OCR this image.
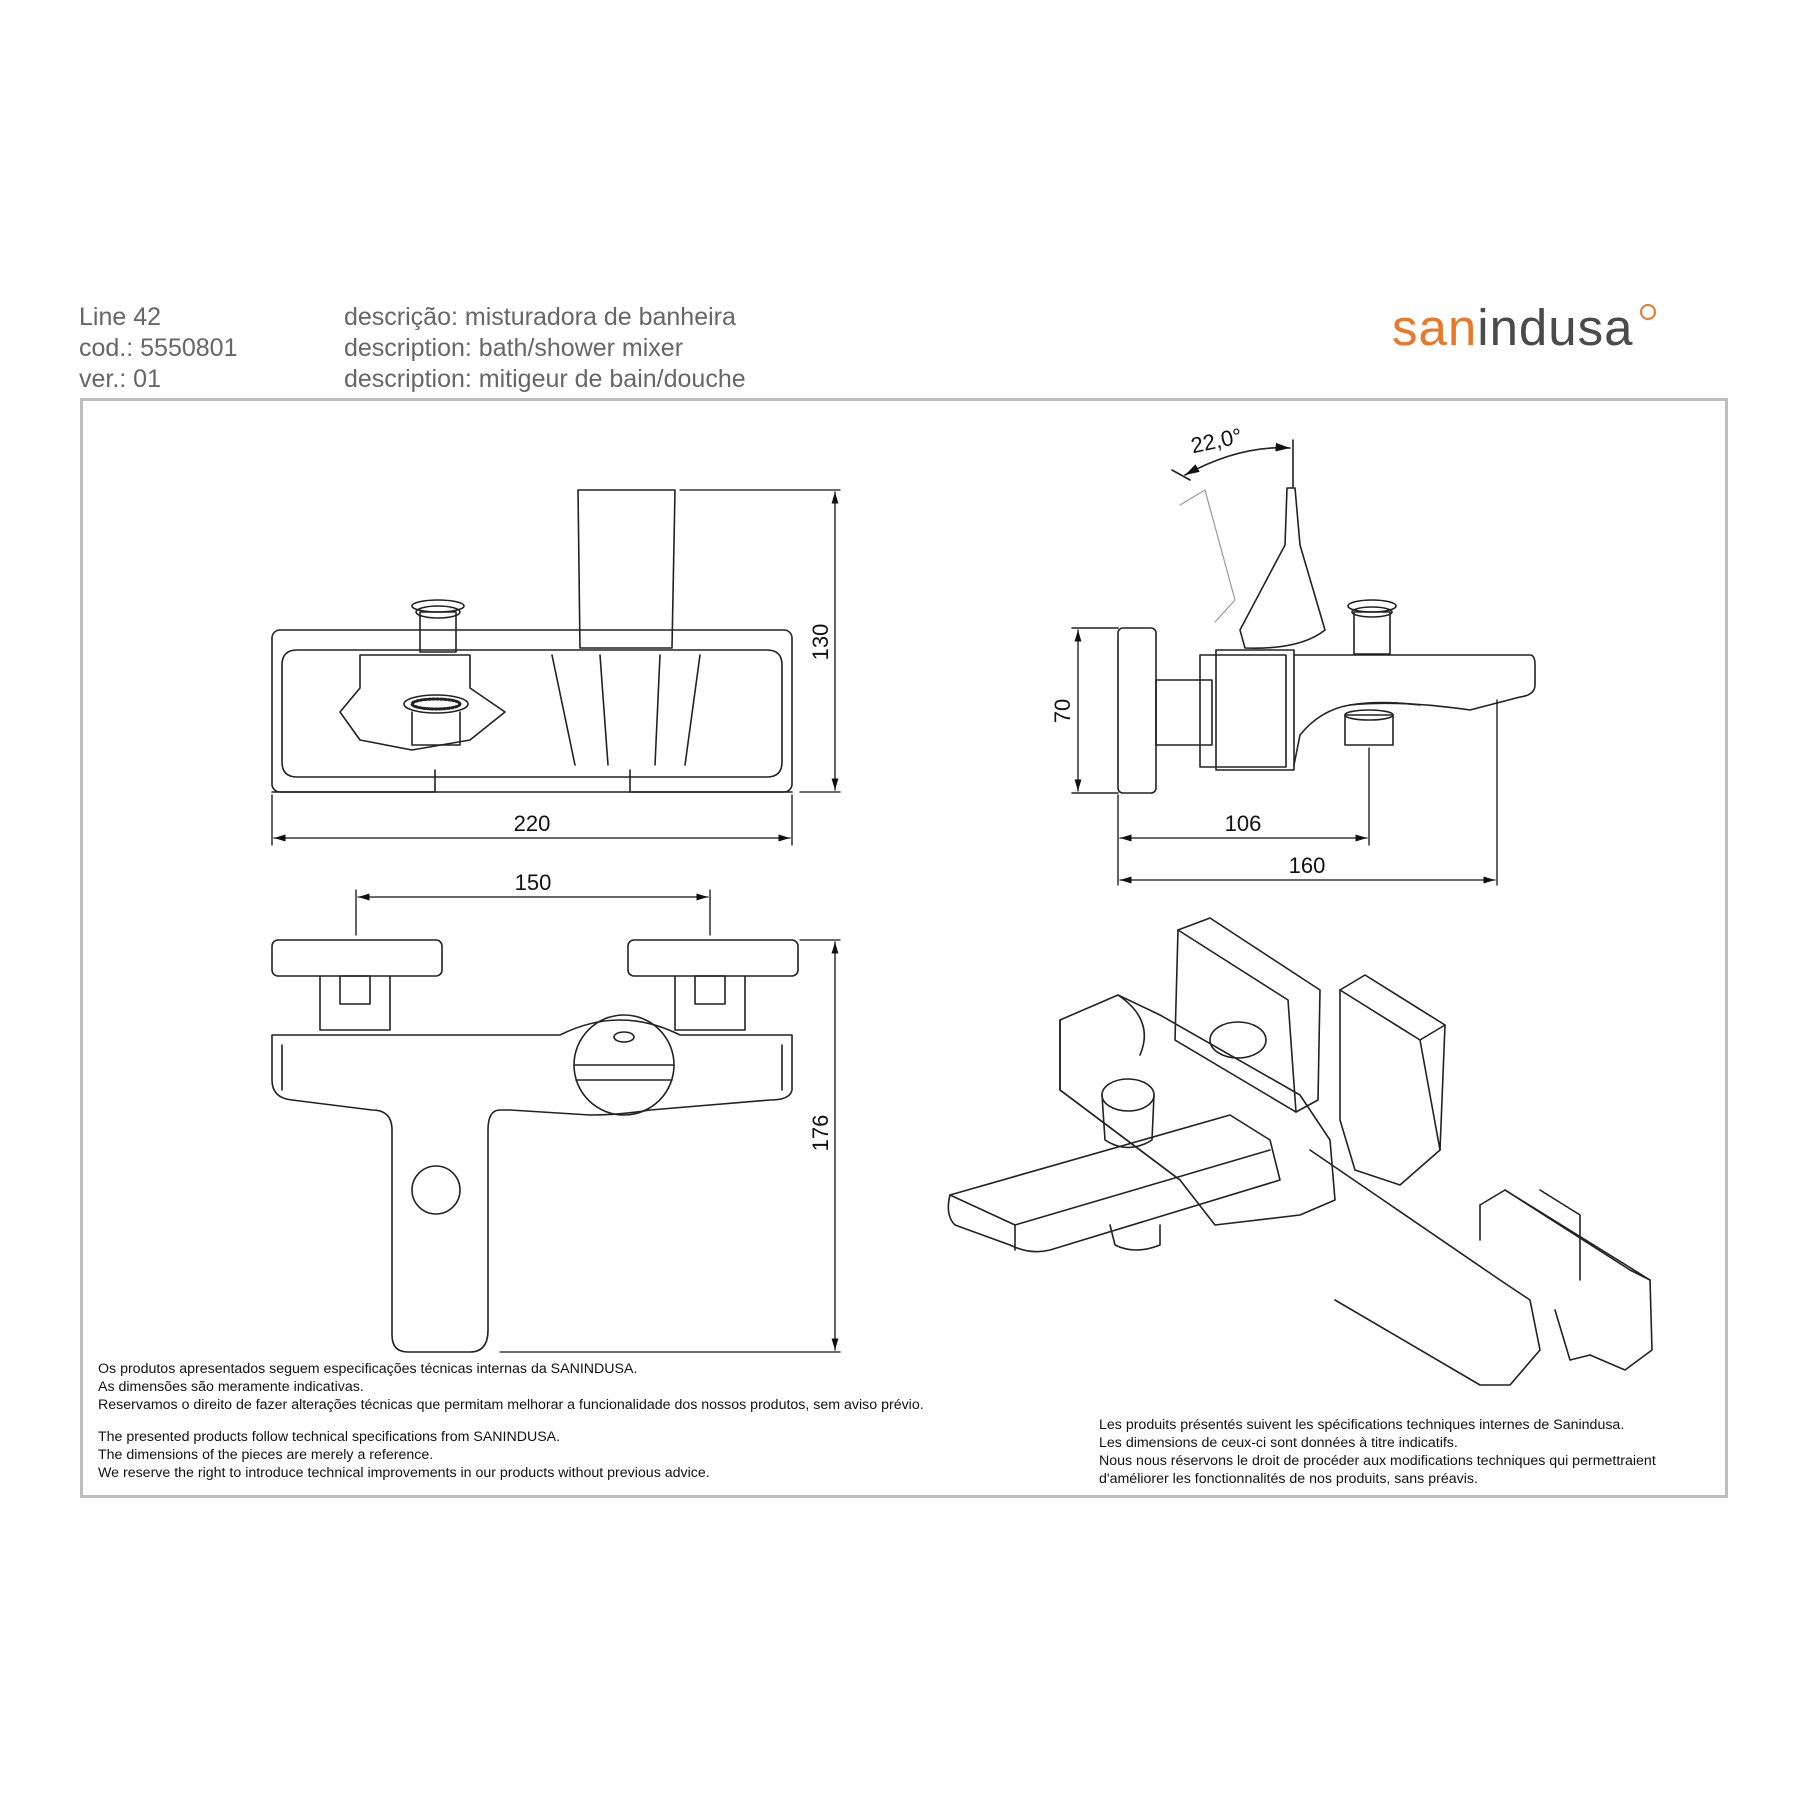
Line 42
cod.: 5550801
ver.: 01
descrição: misturadora de banheira
description: bath/shower mixer
description: mitigeur de bain/douche
sanindusa
130
220
22,0°
70
106
160
150
176
Os produtos apresentados seguem especificações técnicas internas da SANINDUSA.
As dimensões são meramente indicativas.
Reservamos o direito de fazer alterações técnicas que permitam melhorar a funcionalidade dos nossos produtos, sem aviso prévio.
The presented products follow technical specifications from SANINDUSA.
The dimensions of the pieces are merely a reference.
We reserve the right to introduce technical improvements in our products without previous advice.
Les produits présentés suivent les spécifications techniques internes de Sanindusa.
Les dimensions de ceux-ci sont données à titre indicatifs.
Nous nous réservons le droit de procéder aux modifications techniques qui permettraient
d'améliorer les fonctionnalités de nos produits, sans préavis.
